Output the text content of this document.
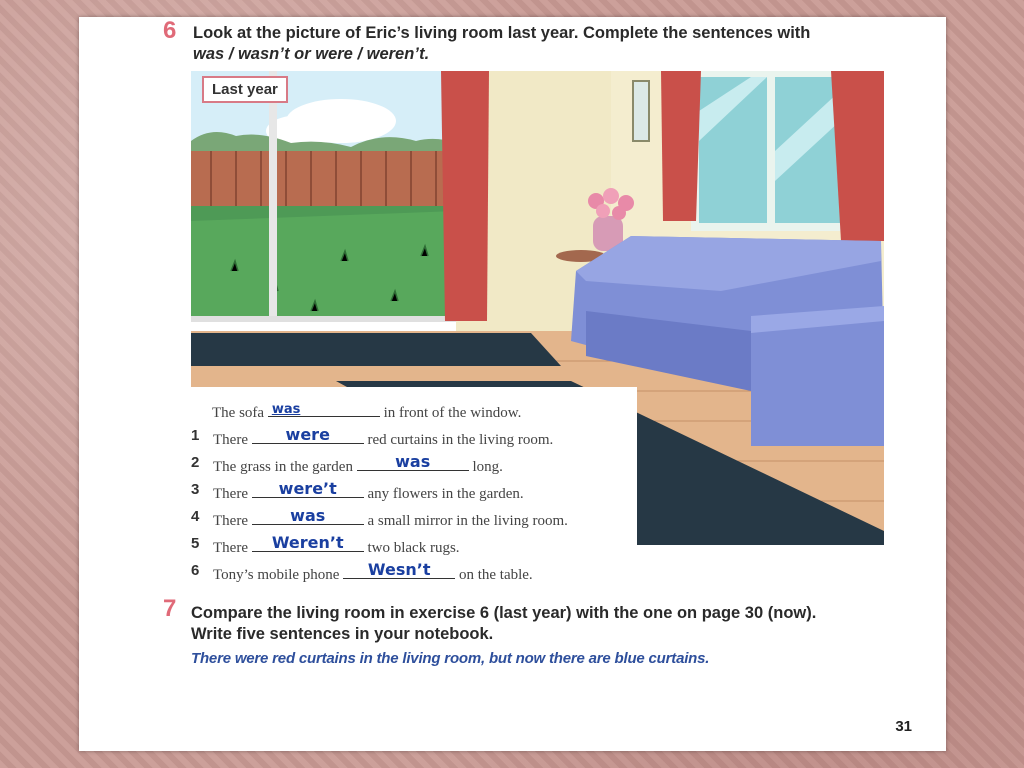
6 Look at the picture of Eric’s living room last year. Complete the sentences with
was / wasn’t or were / weren’t.
Last year
The sofa was	in front of the window.
1 There	were	red curtains in the living room.
2 The grass in the garden	was	long.
3 There	were’t	any flowers in the garden.
4 There	was	a small mirror in the living room.
5 There	Weren’t	two black rugs.
6 Tony’s mobile phone	Wesn’t	on the table.
7 Compare the living room in exercise 6 (last year) with the one on page 30 (now).
Write five sentences in your notebook.
There were red curtains in the living room, but now there are blue curtains.
31
